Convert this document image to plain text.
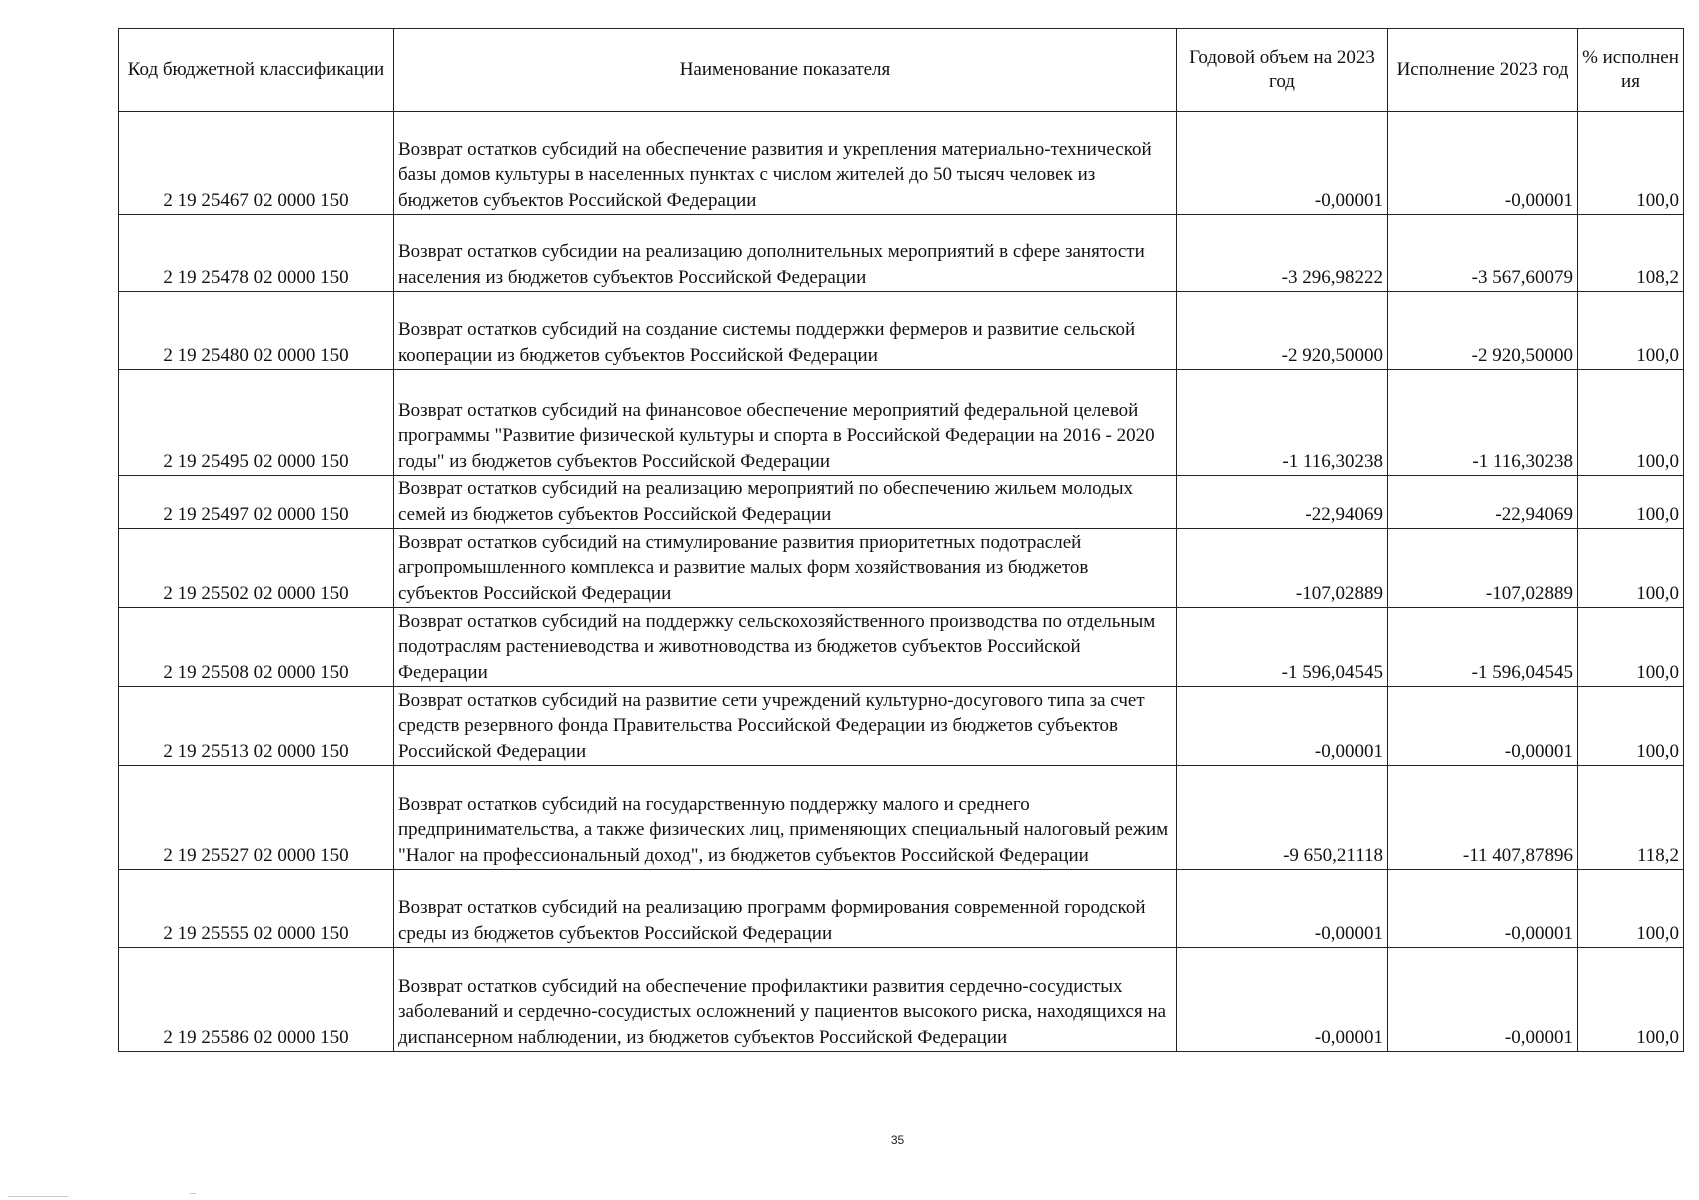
Код бюджетной классификации	Наименование показателя	Годовой объем на 2023 год	Исполнение 2023 год	% исполнен ия
2 19 25467 02 0000 150	Возврат остатков субсидий на обеспечение развития и укрепления материально-технической базы домов культуры в населенных пунктах с числом жителей до 50 тысяч человек из бюджетов субъектов Российской Федерации	-0,00001	-0,00001	100,0
2 19 25478 02 0000 150	Возврат остатков субсидии на реализацию дополнительных мероприятий в сфере занятости населения из бюджетов субъектов Российской Федерации	-3 296,98222	-3 567,60079	108,2
2 19 25480 02 0000 150	Возврат остатков субсидий на создание системы поддержки фермеров и развитие сельской кооперации из бюджетов субъектов Российской Федерации	-2 920,50000	-2 920,50000	100,0
2 19 25495 02 0000 150	Возврат остатков субсидий на финансовое обеспечение мероприятий федеральной целевой программы "Развитие физической культуры и спорта в Российской Федерации на 2016 - 2020 годы" из бюджетов субъектов Российской Федерации	-1 116,30238	-1 116,30238	100,0
2 19 25497 02 0000 150	Возврат остатков субсидий на реализацию мероприятий по обеспечению жильем молодых семей из бюджетов субъектов Российской Федерации	-22,94069	-22,94069	100,0
2 19 25502 02 0000 150	Возврат остатков субсидий на стимулирование развития приоритетных подотраслей агропромышленного комплекса и развитие малых форм хозяйствования из бюджетов субъектов Российской Федерации	-107,02889	-107,02889	100,0
2 19 25508 02 0000 150	Возврат остатков субсидий на поддержку сельскохозяйственного производства по отдельным подотраслям растениеводства и животноводства из бюджетов субъектов Российской Федерации	-1 596,04545	-1 596,04545	100,0
2 19 25513 02 0000 150	Возврат остатков субсидий на развитие сети учреждений культурно-досугового типа за счет средств резервного фонда Правительства Российской Федерации из бюджетов субъектов Российской Федерации	-0,00001	-0,00001	100,0
2 19 25527 02 0000 150	Возврат остатков субсидий на государственную поддержку малого и среднего предпринимательства, а также физических лиц, применяющих специальный налоговый режим "Налог на профессиональный доход", из бюджетов субъектов Российской Федерации	-9 650,21118	-11 407,87896	118,2
2 19 25555 02 0000 150	Возврат остатков субсидий на реализацию программ формирования современной городской среды из бюджетов субъектов Российской Федерации	-0,00001	-0,00001	100,0
2 19 25586 02 0000 150	Возврат остатков субсидий на обеспечение профилактики развития сердечно-сосудистых заболеваний и сердечно-сосудистых осложнений у пациентов высокого риска, находящихся на диспансерном наблюдении, из бюджетов субъектов Российской Федерации	-0,00001	-0,00001	100,0
35
